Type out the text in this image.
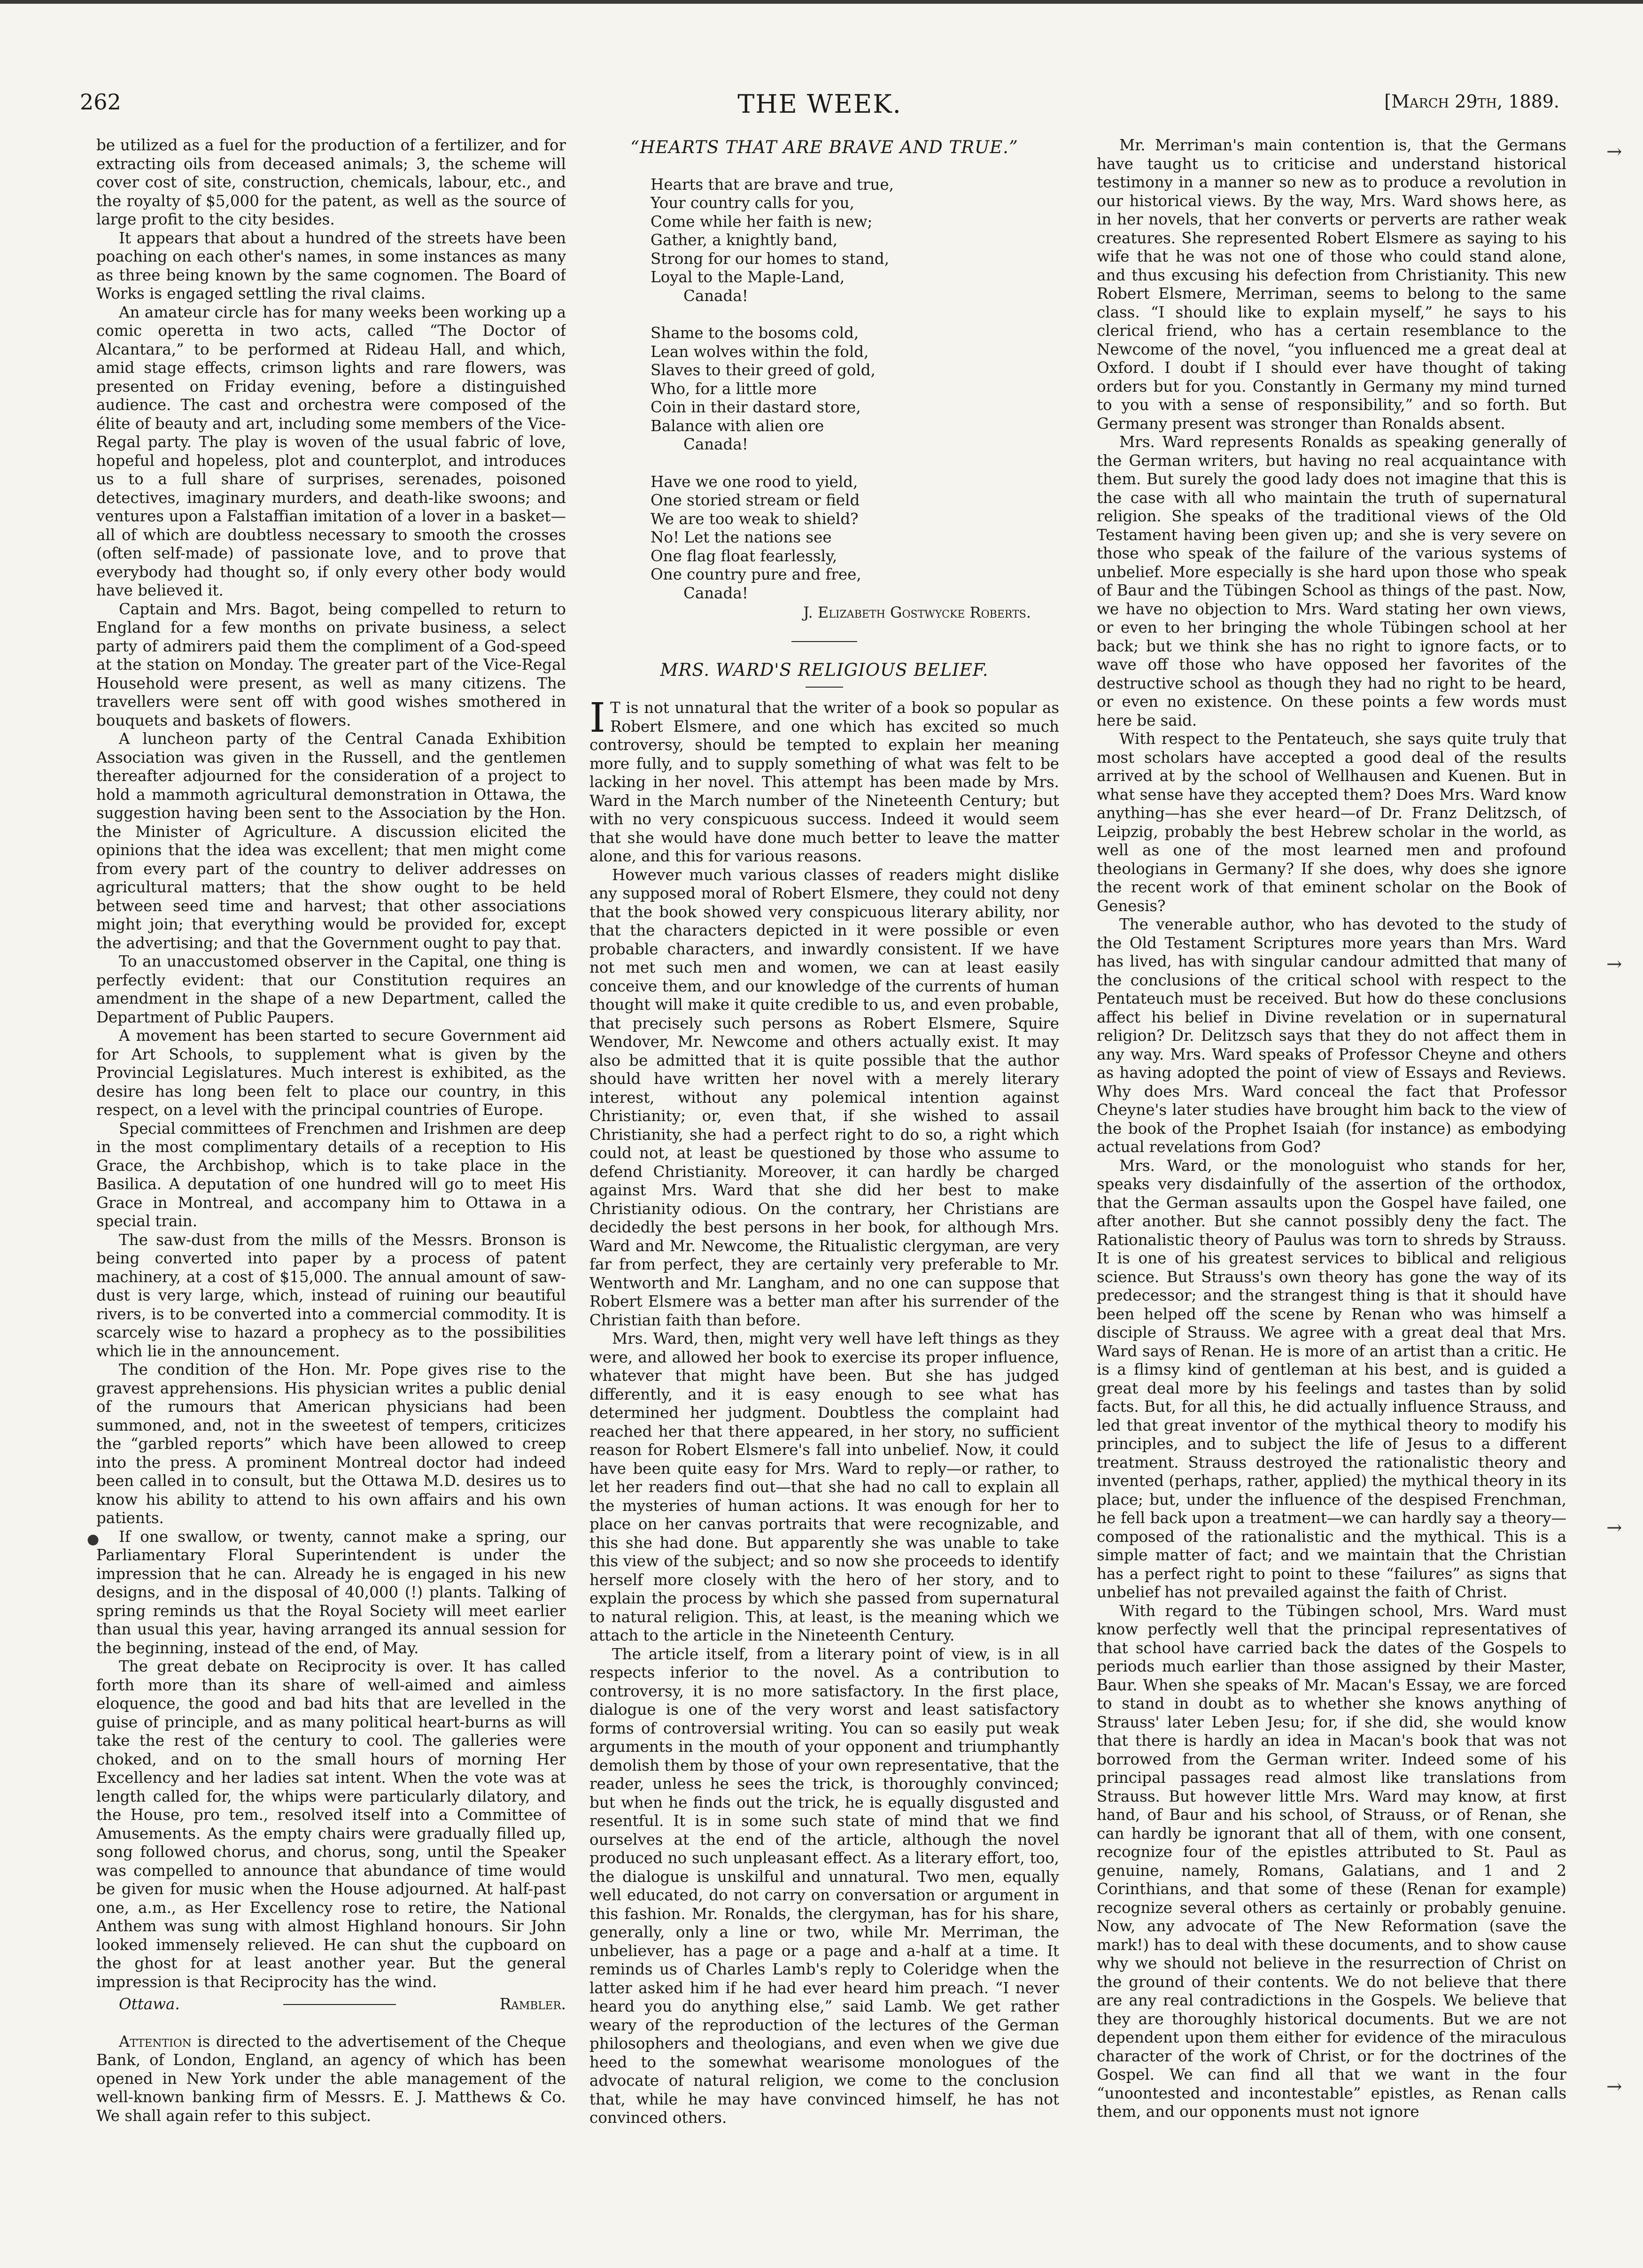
262	THE WEEK.	[March 29th, 1889.

be utilized as a fuel for the production of a fertilizer, and for extracting oils from deceased animals; 3, the scheme will cover cost of site, construction, chemicals, labour, etc., and the royalty of $5,000 for the patent, as well as the source of large profit to the city besides.

It appears that about a hundred of the streets have been poaching on each other's names, in some instances as many as three being known by the same cognomen. The Board of Works is engaged settling the rival claims.

An amateur circle has for many weeks been working up a comic operetta in two acts, called “The Doctor of Alcantara,” to be performed at Rideau Hall, and which, amid stage effects, crimson lights and rare flowers, was presented on Friday evening, before a distinguished audience. The cast and orchestra were composed of the élite of beauty and art, including some members of the Vice-Regal party. The play is woven of the usual fabric of love, hopeful and hopeless, plot and counterplot, and introduces us to a full share of surprises, serenades, poisoned detectives, imaginary murders, and death-like swoons; and ventures upon a Falstaffian imitation of a lover in a basket—all of which are doubtless necessary to smooth the crosses (often self-made) of passionate love, and to prove that everybody had thought so, if only every other body would have believed it.

Captain and Mrs. Bagot, being compelled to return to England for a few months on private business, a select party of admirers paid them the compliment of a God-speed at the station on Monday. The greater part of the Vice-Regal Household were present, as well as many citizens. The travellers were sent off with good wishes smothered in bouquets and baskets of flowers.

A luncheon party of the Central Canada Exhibition Association was given in the Russell, and the gentlemen thereafter adjourned for the consideration of a project to hold a mammoth agricultural demonstration in Ottawa, the suggestion having been sent to the Association by the Hon. the Minister of Agriculture. A discussion elicited the opinions that the idea was excellent; that men might come from every part of the country to deliver addresses on agricultural matters; that the show ought to be held between seed time and harvest; that other associations might join; that everything would be provided for, except the advertising; and that the Government ought to pay that.

To an unaccustomed observer in the Capital, one thing is perfectly evident: that our Constitution requires an amendment in the shape of a new Department, called the Department of Public Paupers.

A movement has been started to secure Government aid for Art Schools, to supplement what is given by the Provincial Legislatures. Much interest is exhibited, as the desire has long been felt to place our country, in this respect, on a level with the principal countries of Europe.

Special committees of Frenchmen and Irishmen are deep in the most complimentary details of a reception to His Grace, the Archbishop, which is to take place in the Basilica. A deputation of one hundred will go to meet His Grace in Montreal, and accompany him to Ottawa in a special train.

The saw-dust from the mills of the Messrs. Bronson is being converted into paper by a process of patent machinery, at a cost of $15,000. The annual amount of saw-dust is very large, which, instead of ruining our beautiful rivers, is to be converted into a commercial commodity. It is scarcely wise to hazard a prophecy as to the possibilities which lie in the announcement.

The condition of the Hon. Mr. Pope gives rise to the gravest apprehensions. His physician writes a public denial of the rumours that American physicians had been summoned, and, not in the sweetest of tempers, criticizes the “garbled reports” which have been allowed to creep into the press. A prominent Montreal doctor had indeed been called in to consult, but the Ottawa M.D. desires us to know his ability to attend to his own affairs and his own patients.

If one swallow, or twenty, cannot make a spring, our Parliamentary Floral Superintendent is under the impression that he can. Already he is engaged in his new designs, and in the disposal of 40,000 (!) plants. Talking of spring reminds us that the Royal Society will meet earlier than usual this year, having arranged its annual session for the beginning, instead of the end, of May.

The great debate on Reciprocity is over. It has called forth more than its share of well-aimed and aimless eloquence, the good and bad hits that are levelled in the guise of principle, and as many political heart-burns as will take the rest of the century to cool. The galleries were choked, and on to the small hours of morning Her Excellency and her ladies sat intent. When the vote was at length called for, the whips were particularly dilatory, and the House, pro tem., resolved itself into a Committee of Amusements. As the empty chairs were gradually filled up, song followed chorus, and chorus, song, until the Speaker was compelled to announce that abundance of time would be given for music when the House adjourned. At half-past one, a.m., as Her Excellency rose to retire, the National Anthem was sung with almost Highland honours. Sir John looked immensely relieved. He can shut the cupboard on the ghost for at least another year. But the general impression is that Reciprocity has the wind.

Ottawa.	Rambler.

Attention is directed to the advertisement of the Cheque Bank, of London, England, an agency of which has been opened in New York under the able management of the well-known banking firm of Messrs. E. J. Matthews & Co. We shall again refer to this subject.

“HEARTS THAT ARE BRAVE AND TRUE.”
Hearts that are brave and true,
Your country calls for you,
Come while her faith is new;
Gather, a knightly band,
Strong for our homes to stand,
Loyal to the Maple-Land,
Canada!
Shame to the bosoms cold,
Lean wolves within the fold,
Slaves to their greed of gold,
Who, for a little more
Coin in their dastard store,
Balance with alien ore
Canada!
Have we one rood to yield,
One storied stream or field
We are too weak to shield?
No! Let the nations see
One flag float fearlessly,
One country pure and free,
Canada!
J. Elizabeth Gostwycke Roberts.
MRS. WARD'S RELIGIOUS BELIEF.

I T is not unnatural that the writer of a book so popular as Robert Elsmere, and one which has excited so much controversy, should be tempted to explain her meaning more fully, and to supply something of what was felt to be lacking in her novel. This attempt has been made by Mrs. Ward in the March number of the Nineteenth Century; but with no very conspicuous success. Indeed it would seem that she would have done much better to leave the matter alone, and this for various reasons.

However much various classes of readers might dislike any supposed moral of Robert Elsmere, they could not deny that the book showed very conspicuous literary ability, nor that the characters depicted in it were possible or even probable characters, and inwardly consistent. If we have not met such men and women, we can at least easily conceive them, and our knowledge of the currents of human thought will make it quite credible to us, and even probable, that precisely such persons as Robert Elsmere, Squire Wendover, Mr. Newcome and others actually exist. It may also be admitted that it is quite possible that the author should have written her novel with a merely literary interest, without any polemical intention against Christianity; or, even that, if she wished to assail Christianity, she had a perfect right to do so, a right which could not, at least be questioned by those who assume to defend Christianity. Moreover, it can hardly be charged against Mrs. Ward that she did her best to make Christianity odious. On the contrary, her Christians are decidedly the best persons in her book, for although Mrs. Ward and Mr. Newcome, the Ritualistic clergyman, are very far from perfect, they are certainly very preferable to Mr. Wentworth and Mr. Langham, and no one can suppose that Robert Elsmere was a better man after his surrender of the Christian faith than before.

Mrs. Ward, then, might very well have left things as they were, and allowed her book to exercise its proper influence, whatever that might have been. But she has judged differently, and it is easy enough to see what has determined her judgment. Doubtless the complaint had reached her that there appeared, in her story, no sufficient reason for Robert Elsmere's fall into unbelief. Now, it could have been quite easy for Mrs. Ward to reply—or rather, to let her readers find out—that she had no call to explain all the mysteries of human actions. It was enough for her to place on her canvas portraits that were recognizable, and this she had done. But apparently she was unable to take this view of the subject; and so now she proceeds to identify herself more closely with the hero of her story, and to explain the process by which she passed from supernatural to natural religion. This, at least, is the meaning which we attach to the article in the Nineteenth Century.

The article itself, from a literary point of view, is in all respects inferior to the novel. As a contribution to controversy, it is no more satisfactory. In the first place, dialogue is one of the very worst and least satisfactory forms of controversial writing. You can so easily put weak arguments in the mouth of your opponent and triumphantly demolish them by those of your own representative, that the reader, unless he sees the trick, is thoroughly convinced; but when he finds out the trick, he is equally disgusted and resentful. It is in some such state of mind that we find ourselves at the end of the article, although the novel produced no such unpleasant effect. As a literary effort, too, the dialogue is unskilful and unnatural. Two men, equally well educated, do not carry on conversation or argument in this fashion. Mr. Ronalds, the clergyman, has for his share, generally, only a line or two, while Mr. Merriman, the unbeliever, has a page or a page and a-half at a time. It reminds us of Charles Lamb's reply to Coleridge when the latter asked him if he had ever heard him preach. “I never heard you do anything else,” said Lamb. We get rather weary of the reproduction of the lectures of the German philosophers and theologians, and even when we give due heed to the somewhat wearisome monologues of the advocate of natural religion, we come to the conclusion that, while he may have convinced himself, he has not convinced others.

Mr. Merriman's main contention is, that the Germans have taught us to criticise and understand historical testimony in a manner so new as to produce a revolution in our historical views. By the way, Mrs. Ward shows here, as in her novels, that her converts or perverts are rather weak creatures. She represented Robert Elsmere as saying to his wife that he was not one of those who could stand alone, and thus excusing his defection from Christianity. This new Robert Elsmere, Merriman, seems to belong to the same class. “I should like to explain myself,” he says to his clerical friend, who has a certain resemblance to the Newcome of the novel, “you influenced me a great deal at Oxford. I doubt if I should ever have thought of taking orders but for you. Constantly in Germany my mind turned to you with a sense of responsibility,” and so forth. But Germany present was stronger than Ronalds absent.

Mrs. Ward represents Ronalds as speaking generally of the German writers, but having no real acquaintance with them. But surely the good lady does not imagine that this is the case with all who maintain the truth of supernatural religion. She speaks of the traditional views of the Old Testament having been given up; and she is very severe on those who speak of the failure of the various systems of unbelief. More especially is she hard upon those who speak of Baur and the Tübingen School as things of the past. Now, we have no objection to Mrs. Ward stating her own views, or even to her bringing the whole Tübingen school at her back; but we think she has no right to ignore facts, or to wave off those who have opposed her favorites of the destructive school as though they had no right to be heard, or even no existence. On these points a few words must here be said.

With respect to the Pentateuch, she says quite truly that most scholars have accepted a good deal of the results arrived at by the school of Wellhausen and Kuenen. But in what sense have they accepted them? Does Mrs. Ward know anything—has she ever heard—of Dr. Franz Delitzsch, of Leipzig, probably the best Hebrew scholar in the world, as well as one of the most learned men and profound theologians in Germany? If she does, why does she ignore the recent work of that eminent scholar on the Book of Genesis?

The venerable author, who has devoted to the study of the Old Testament Scriptures more years than Mrs. Ward has lived, has with singular candour admitted that many of the conclusions of the critical school with respect to the Pentateuch must be received. But how do these conclusions affect his belief in Divine revelation or in supernatural religion? Dr. Delitzsch says that they do not affect them in any way. Mrs. Ward speaks of Professor Cheyne and others as having adopted the point of view of Essays and Reviews. Why does Mrs. Ward conceal the fact that Professor Cheyne's later studies have brought him back to the view of the book of the Prophet Isaiah (for instance) as embodying actual revelations from God?

Mrs. Ward, or the monologuist who stands for her, speaks very disdainfully of the assertion of the orthodox, that the German assaults upon the Gospel have failed, one after another. But she cannot possibly deny the fact. The Rationalistic theory of Paulus was torn to shreds by Strauss. It is one of his greatest services to biblical and religious science. But Strauss's own theory has gone the way of its predecessor; and the strangest thing is that it should have been helped off the scene by Renan who was himself a disciple of Strauss. We agree with a great deal that Mrs. Ward says of Renan. He is more of an artist than a critic. He is a flimsy kind of gentleman at his best, and is guided a great deal more by his feelings and tastes than by solid facts. But, for all this, he did actually influence Strauss, and led that great inventor of the mythical theory to modify his principles, and to subject the life of Jesus to a different treatment. Strauss destroyed the rationalistic theory and invented (perhaps, rather, applied) the mythical theory in its place; but, under the influence of the despised Frenchman, he fell back upon a treatment—we can hardly say a theory—composed of the rationalistic and the mythical. This is a simple matter of fact; and we maintain that the Christian has a perfect right to point to these “failures” as signs that unbelief has not prevailed against the faith of Christ.

With regard to the Tübingen school, Mrs. Ward must know perfectly well that the principal representatives of that school have carried back the dates of the Gospels to periods much earlier than those assigned by their Master, Baur. When she speaks of Mr. Macan's Essay, we are forced to stand in doubt as to whether she knows anything of Strauss' later Leben Jesu; for, if she did, she would know that there is hardly an idea in Macan's book that was not borrowed from the German writer. Indeed some of his principal passages read almost like translations from Strauss. But however little Mrs. Ward may know, at first hand, of Baur and his school, of Strauss, or of Renan, she can hardly be ignorant that all of them, with one consent, recognize four of the epistles attributed to St. Paul as genuine, namely, Romans, Galatians, and 1 and 2 Corinthians, and that some of these (Renan for example) recognize several others as certainly or probably genuine. Now, any advocate of The New Reformation (save the mark!) has to deal with these documents, and to show cause why we should not believe in the resurrection of Christ on the ground of their contents. We do not believe that there are any real contradictions in the Gospels. We believe that they are thoroughly historical documents. But we are not dependent upon them either for evidence of the miraculous character of the work of Christ, or for the doctrines of the Gospel. We can find all that we want in the four “unoontested and incontestable” epistles, as Renan calls them, and our opponents must not ignore

→
→
→
→
●
